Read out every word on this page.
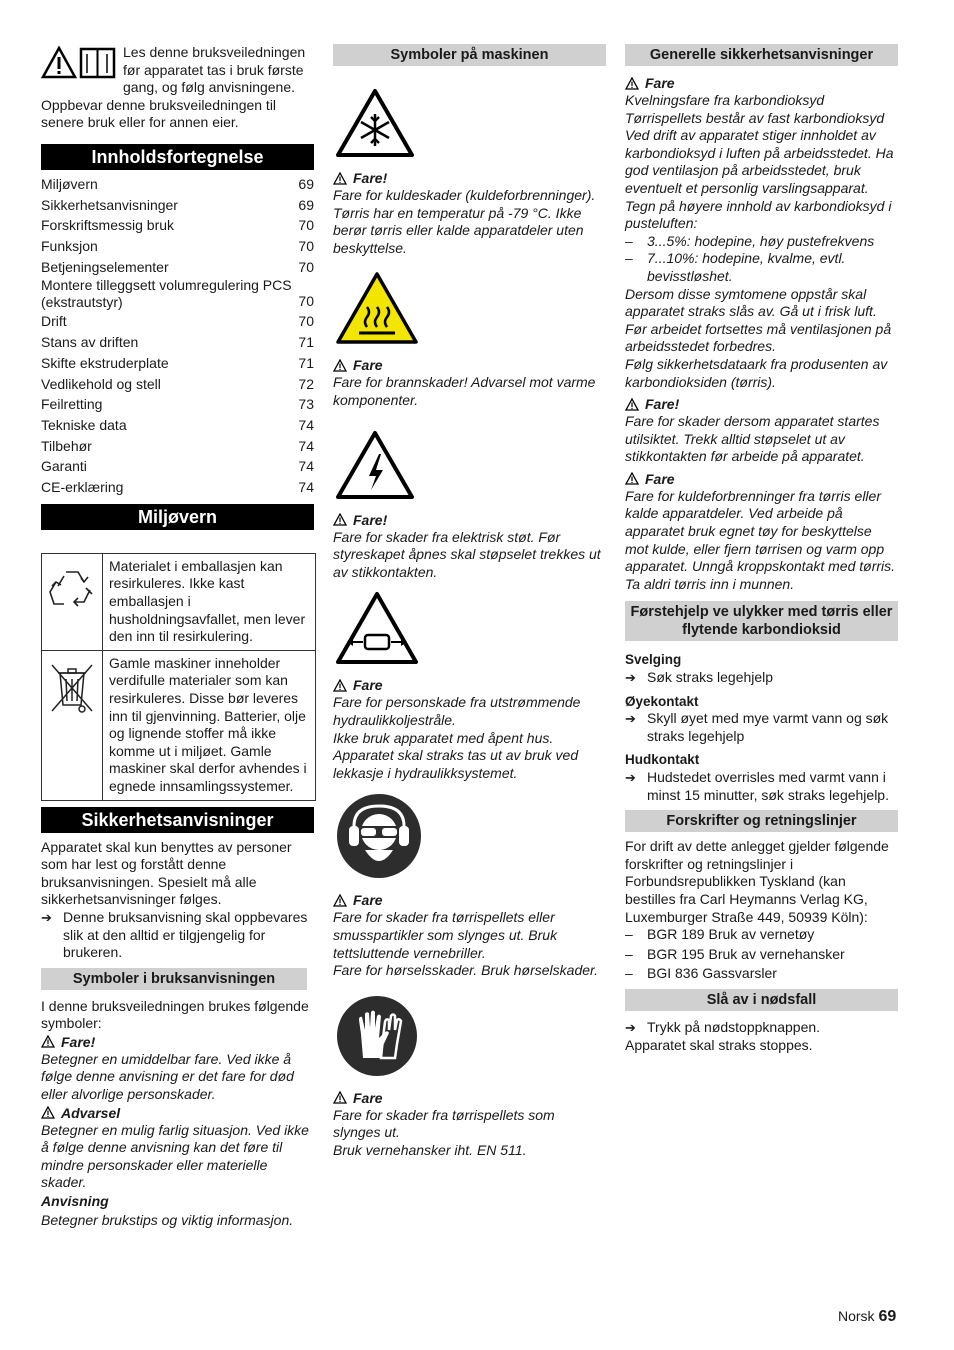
Les denne bruksveiledningen før apparatet tas i bruk første gang, og følg anvisningene. Oppbevar denne bruksveiledningen til senere bruk eller for annen eier.

Innholdsfortegnelse
Miljøvern	69
Sikkerhetsanvisninger	69
Forskriftsmessig bruk	70
Funksjon	70
Betjeningselementer	70
Montere tilleggsett volumregulering PCS (ekstrautstyr)	70
Drift	70
Stans av driften	71
Skifte ekstruderplate	71
Vedlikehold og stell	72
Feilretting	73
Tekniske data	74
Tilbehør	74
Garanti	74
CE-erklæring	74
Miljøvern
	Materialet i emballasjen kan resirkuleres. Ikke kast emballasjen i husholdningsavfallet, men lever den inn til resirkulering.
	Gamle maskiner inneholder verdifulle materialer som kan resirkuleres. Disse bør leveres inn til gjenvinning. Batterier, olje og lignende stoffer må ikke komme ut i miljøet. Gamle maskiner skal derfor avhendes i egnede innsamlingssystemer.
Sikkerhetsanvisninger

Apparatet skal kun benyttes av personer som har lest og forstått denne bruksanvisningen. Spesielt må alle sikkerhetsanvisninger følges.

➔ Denne bruksanvisning skal oppbevares slik at den alltid er tilgjengelig for brukeren.

Symboler i bruksanvisningen

I denne bruksveiledningen brukes følgende symboler:

Fare!

Betegner en umiddelbar fare. Ved ikke å følge denne anvisning er det fare for død eller alvorlige personskader.

Advarsel

Betegner en mulig farlig situasjon. Ved ikke å følge denne anvisning kan det føre til mindre personskader eller materielle skader.

Anvisning

Betegner brukstips og viktig informasjon.

Symboler på maskinen
Fare!

Fare for kuldeskader (kuldeforbrenninger). Tørris har en temperatur på -79 °C. Ikke berør tørris eller kalde apparatdeler uten beskyttelse.

Fare

Fare for brannskader! Advarsel mot varme komponenter.

Fare!

Fare for skader fra elektrisk støt. Før styreskapet åpnes skal støpselet trekkes ut av stikkontakten.

Fare

Fare for personskade fra utstrømmende hydraulikkoljestråle.

Ikke bruk apparatet med åpent hus. Apparatet skal straks tas ut av bruk ved lekkasje i hydraulikksystemet.

Fare

Fare for skader fra tørrispellets eller smusspartikler som slynges ut. Bruk tettsluttende vernebriller.

Fare for hørselsskader. Bruk hørselskader.

Fare

Fare for skader fra tørrispellets som slynges ut.

Bruk vernehansker iht. EN 511.

Generelle sikkerhetsanvisninger
Fare

Kvelningsfare fra karbondioksyd Tørrispellets består av fast karbondioksyd Ved drift av apparatet stiger innholdet av karbondioksyd i luften på arbeidsstedet. Ha god ventilasjon på arbeidsstedet, bruk eventuelt et personlig varslingsapparat. Tegn på høyere innhold av karbondioksyd i pusteluften:

– 3...5%: hodepine, høy pustefrekvens

– 7...10%: hodepine, kvalme, evtl. bevisstløshet.

Dersom disse symtomene oppstår skal apparatet straks slås av. Gå ut i frisk luft. Før arbeidet fortsettes må ventilasjonen på arbeidsstedet forbedres.

Følg sikkerhetsdataark fra produsenten av karbondioksiden (tørris).

Fare!

Fare for skader dersom apparatet startes utilsiktet. Trekk alltid støpselet ut av stikkontakten før arbeide på apparatet.

Fare

Fare for kuldeforbrenninger fra tørris eller kalde apparatdeler. Ved arbeide på apparatet bruk egnet tøy for beskyttelse mot kulde, eller fjern tørrisen og varm opp apparatet. Unngå kroppskontakt med tørris.

Ta aldri tørris inn i munnen.

Førstehjelp ve ulykker med tørris eller flytende karbondioksid

Svelging

➔ Søk straks legehjelp

Øyekontakt

➔ Skyll øyet med mye varmt vann og søk straks legehjelp

Hudkontakt

➔ Hudstedet overrisles med varmt vann i minst 15 minutter, søk straks legehjelp.

Forskrifter og retningslinjer

For drift av dette anlegget gjelder følgende forskrifter og retningslinjer i Forbundsrepublikken Tyskland (kan bestilles fra Carl Heymanns Verlag KG, Luxemburger Straße 449, 50939 Köln):

– BGR 189 Bruk av vernetøy

– BGR 195 Bruk av vernehansker

– BGI 836 Gassvarsler

Slå av i nødsfall
➔ Trykk på nødstoppknappen.

Apparatet skal straks stoppes.

Norsk 69
